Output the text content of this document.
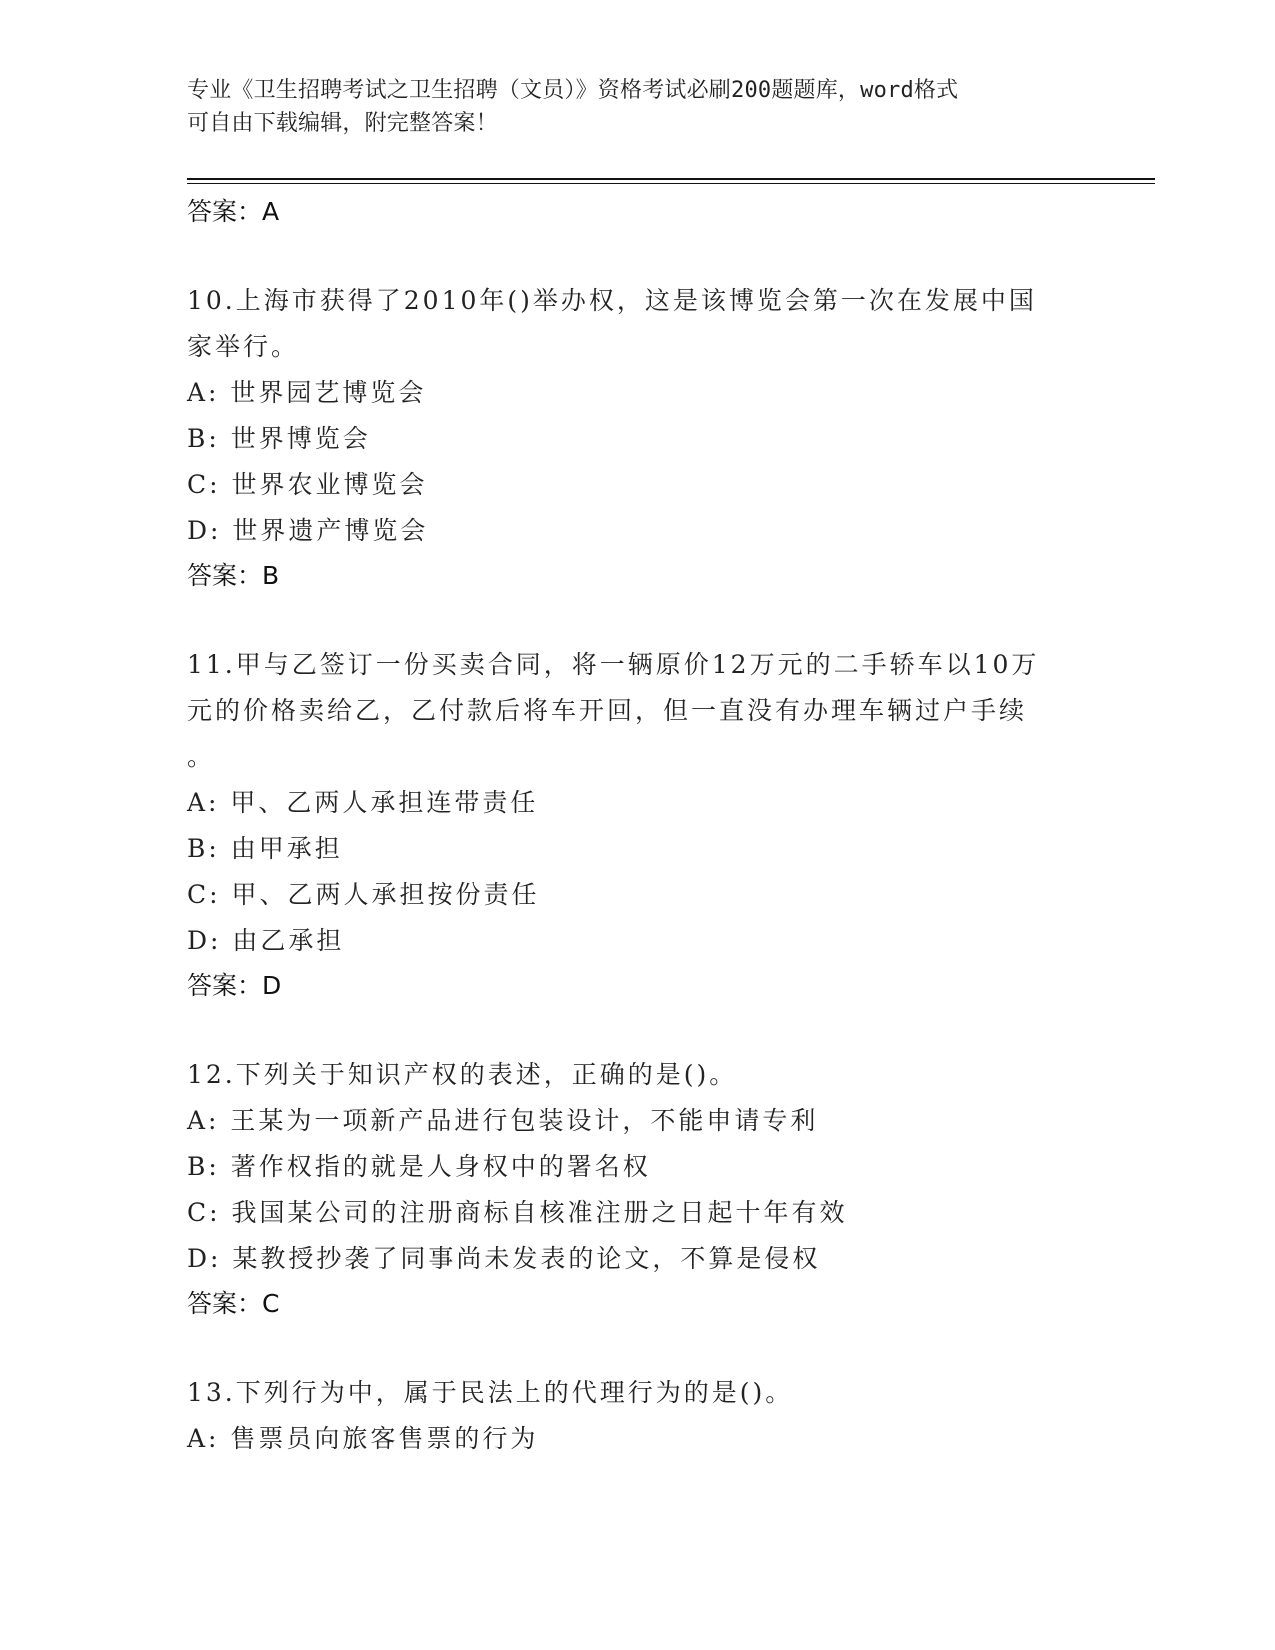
专业《卫生招聘考试之卫生招聘（文员）》资格考试必刷200题题库，word格式
可自由下载编辑，附完整答案！
答案：A
10.上海市获得了2010年()举办权，这是该博览会第一次在发展中国
家举行。
A: 世界园艺博览会
B: 世界博览会
C: 世界农业博览会
D: 世界遗产博览会
答案：B
11.甲与乙签订一份买卖合同，将一辆原价12万元的二手轿车以10万
元的价格卖给乙，乙付款后将车开回，但一直没有办理车辆过户手续
。
A: 甲、乙两人承担连带责任
B: 由甲承担
C: 甲、乙两人承担按份责任
D: 由乙承担
答案：D
12.下列关于知识产权的表述，正确的是()。
A: 王某为一项新产品进行包装设计，不能申请专利
B: 著作权指的就是人身权中的署名权
C: 我国某公司的注册商标自核准注册之日起十年有效
D: 某教授抄袭了同事尚未发表的论文，不算是侵权
答案：C
13.下列行为中，属于民法上的代理行为的是()。
A: 售票员向旅客售票的行为
